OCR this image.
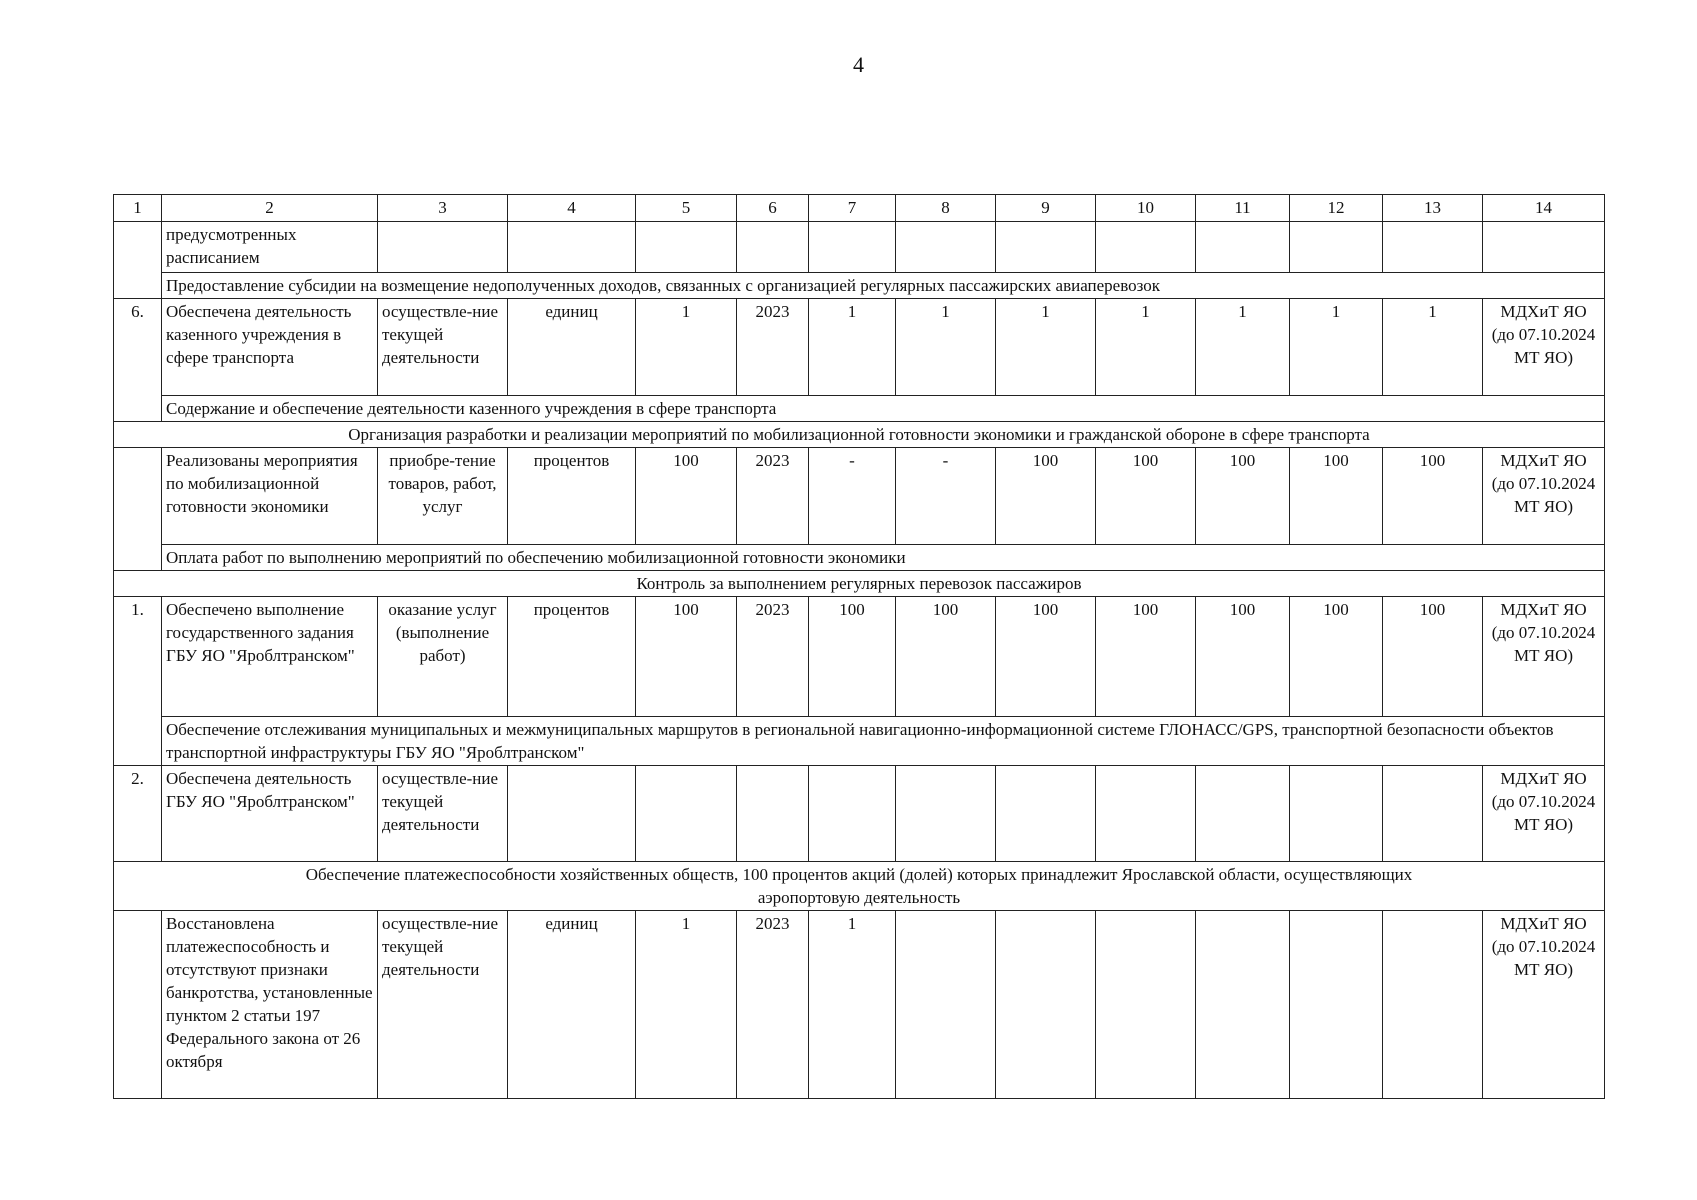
4
1	2	3	4	5	6	7	8	9	10	11	12	13	14
	предусмотренных расписанием												
	Предоставление субсидии на возмещение недополученных доходов, связанных с организацией регулярных пассажирских авиаперевозок												
6.	Обеспечена деятельность казенного учреждения в сфере транспорта	осуществле-ние текущей деятельности	единиц	1	2023	1	1	1	1	1	1	1	МДХиТ ЯО (до 07.10.2024 МТ ЯО)
	Содержание и обеспечение деятельности казенного учреждения в сфере транспорта												
Организация разработки и реализации мероприятий по мобилизационной готовности экономики и гражданской обороне в сфере транспорта													
	Реализованы мероприятия по мобилизационной готовности экономики	приобре-тение товаров, работ, услуг	процентов	100	2023	-	-	100	100	100	100	100	МДХиТ ЯО (до 07.10.2024 МТ ЯО)
	Оплата работ по выполнению мероприятий по обеспечению мобилизационной готовности экономики												
Контроль за выполнением регулярных перевозок пассажиров													
1.	Обеспечено выполнение государственного задания ГБУ ЯО "Яроблтранском"	оказание услуг (выполнение работ)	процентов	100	2023	100	100	100	100	100	100	100	МДХиТ ЯО (до 07.10.2024 МТ ЯО)
	Обеспечение отслеживания муниципальных и межмуниципальных маршрутов в региональной навигационно-информационной системе ГЛОНАСС/GPS, транспортной безопасности объектов транспортной инфраструктуры ГБУ ЯО "Яроблтранском"												
2.	Обеспечена деятельность ГБУ ЯО "Яроблтранском"	осуществле-ние текущей деятельности											МДХиТ ЯО (до 07.10.2024 МТ ЯО)
Обеспечение платежеспособности хозяйственных обществ, 100 процентов акций (долей) которых принадлежит Ярославской области, осуществляющих аэропортовую деятельность													
	Восстановлена платежеспособность и отсутствуют признаки банкротства, установленные пунктом 2 статьи 197 Федерального закона от 26 октября	осуществле-ние текущей деятельности	единиц	1	2023	1							МДХиТ ЯО (до 07.10.2024 МТ ЯО)
